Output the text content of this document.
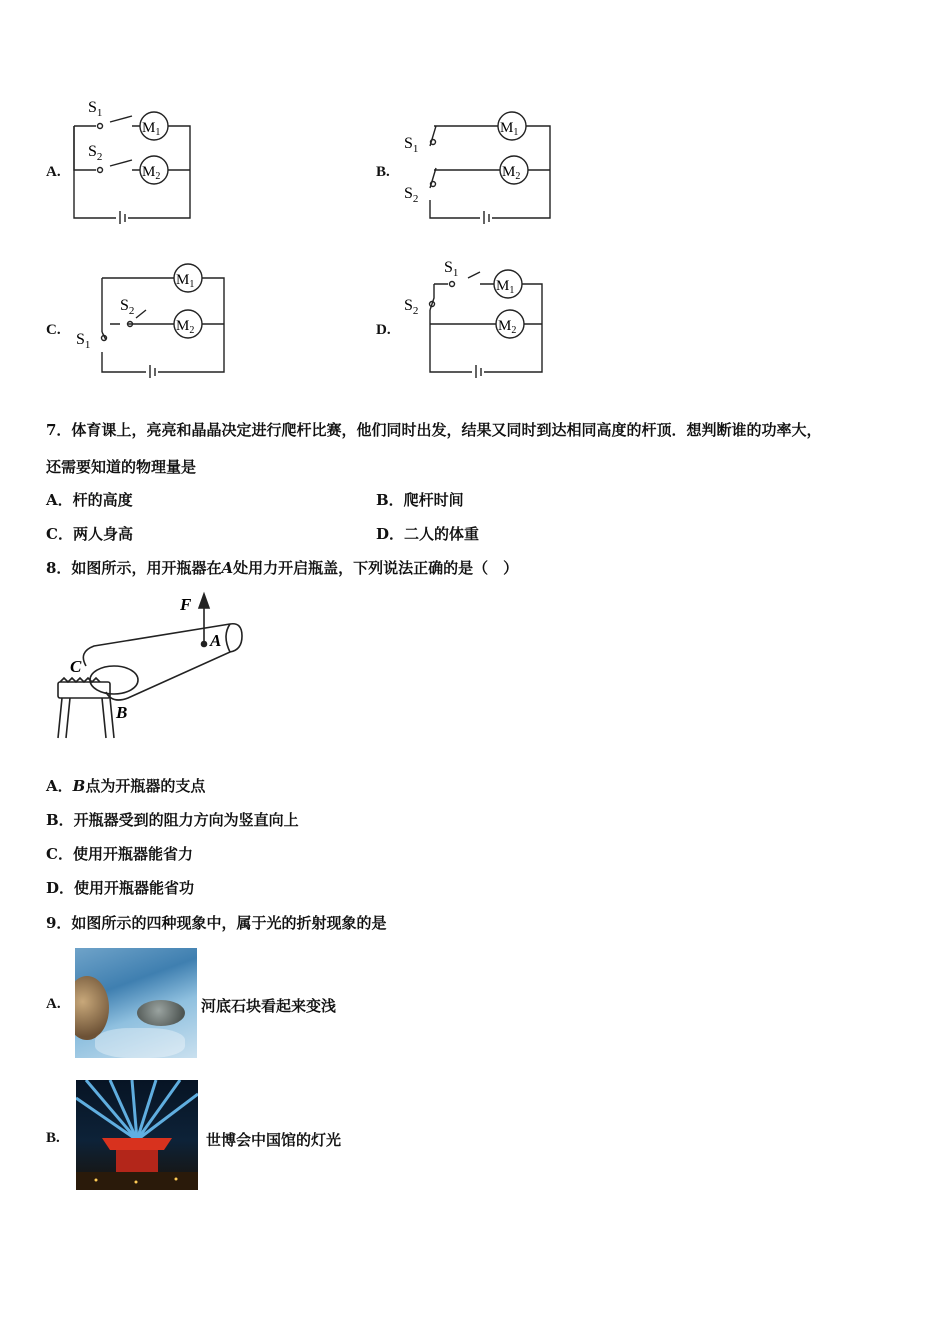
A.
$S_1$
$S_2$
$M_1$
$M_2$	B.
$S_1$
$S_2$
$M_1$
$M_2$
C.
$S_1$
$S_2$
$M_1$
$M_2$	D.
$S_1$
$S_2$
$M_1$
$M_2$
7．体育课上，亮亮和晶晶决定进行爬杆比赛，他们同时出发，结果又同时到达相同高度的杆顶．想判断谁的功率大，
还需要知道的物理量是
A．杆的高度	B．爬杆时间
C．两人身高	D．二人的体重
8．如图所示，用开瓶器在A处用力开启瓶盖，下列说法正确的是（　）
F
A
B
C
A．B点为开瓶器的支点
B．开瓶器受到的阻力方向为竖直向上
C．使用开瓶器能省力
D．使用开瓶器能省功
9．如图所示的四种现象中，属于光的折射现象的是
A.	河底石块看起来变浅
B.	世博会中国馆的灯光
